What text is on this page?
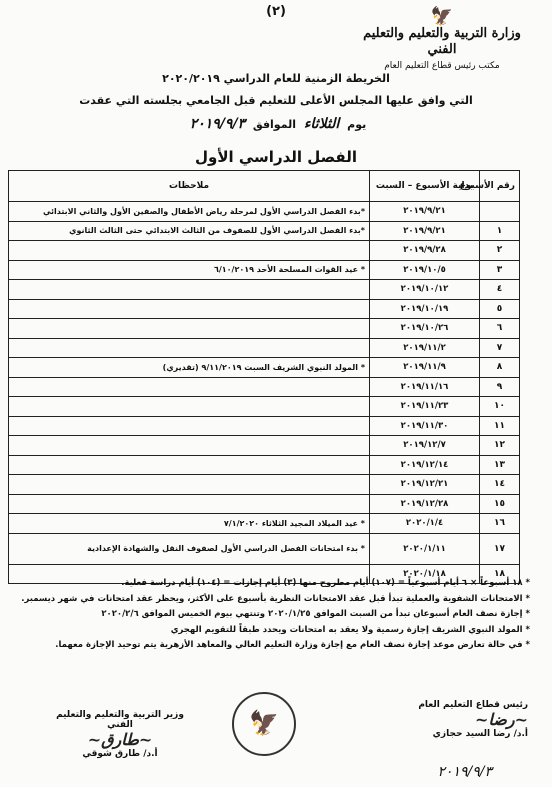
(٢)	🦅
وزارة التربية والتعليم والتعليم الفني
مكتب رئيس قطاع التعليم العام
الخريطة الزمنية للعام الدراسي ٢٠٢٠/٢٠١٩
التي وافق عليها المجلس الأعلى للتعليم قبل الجامعي بجلسته التي عقدت
يوم الثلاثاء الموافق ٢٠١٩/٩/٣
الفصل الدراسي الأول
رقم الأسبوع	بداية الأسبوع – السبت	ملاحظات
	٢٠١٩/٩/٢١	*بدء الفصل الدراسي الأول لمرحلة رياض الأطفال والصفين الأول والثاني الابتدائي
١	٢٠١٩/٩/٢١	*بدء الفصل الدراسي الأول للصفوف من الثالث الابتدائي حتى الثالث الثانوي
٢	٢٠١٩/٩/٢٨	
٣	٢٠١٩/١٠/٥	* عيد القوات المسلحة الأحد ٦/١٠/٢٠١٩
٤	٢٠١٩/١٠/١٢	
٥	٢٠١٩/١٠/١٩	
٦	٢٠١٩/١٠/٢٦	
٧	٢٠١٩/١١/٢	
٨	٢٠١٩/١١/٩	* المولد النبوي الشريف السبت ٩/١١/٢٠١٩ (تقديري)
٩	٢٠١٩/١١/١٦	
١٠	٢٠١٩/١١/٢٣	
١١	٢٠١٩/١١/٣٠	
١٢	٢٠١٩/١٢/٧	
١٣	٢٠١٩/١٢/١٤	
١٤	٢٠١٩/١٢/٢١	
١٥	٢٠١٩/١٢/٢٨	
١٦	٢٠٢٠/١/٤	* عيد الميلاد المجيد الثلاثاء ٧/١/٢٠٢٠
١٧	٢٠٢٠/١/١١	* بدء امتحانات الفصل الدراسي الأول لصفوف النقل والشهادة الإعدادية
١٨	٢٠٢٠/١/١٨	
* ١٨ أسبوعاً × ٦ أيام أسبوعياً = (١٠٧) أيام مطروح منها (٣) أيام إجازات = (١٠٤) أيام دراسة فعلية.
* الامتحانات الشفوية والعملية تبدأ قبل عقد الامتحانات النظرية بأسبوع على الأكثر، ويحظر عقد امتحانات في شهر ديسمبر.
* إجازة نصف العام أسبوعان تبدأ من السبت الموافق ٢٠٢٠/١/٢٥ وتنتهي بيوم الخميس الموافق ٢٠٢٠/٢/٦
* المولد النبوي الشريف إجازة رسمية ولا يعقد به امتحانات ويحدد طبقاً للتقويم الهجري
* في حالة تعارض موعد إجازة نصف العام مع إجازة وزارة التعليم العالي والمعاهد الأزهرية يتم توحيد الإجازة معهما.
رئيس قطاع التعليم العام
~رضا~
أ.د/ رضا السيد حجازي
🦅
وزير التربية والتعليم والتعليم الفني
~طارق~
أ.د/ طارق شوقي
٢٠١٩/٩/٣
